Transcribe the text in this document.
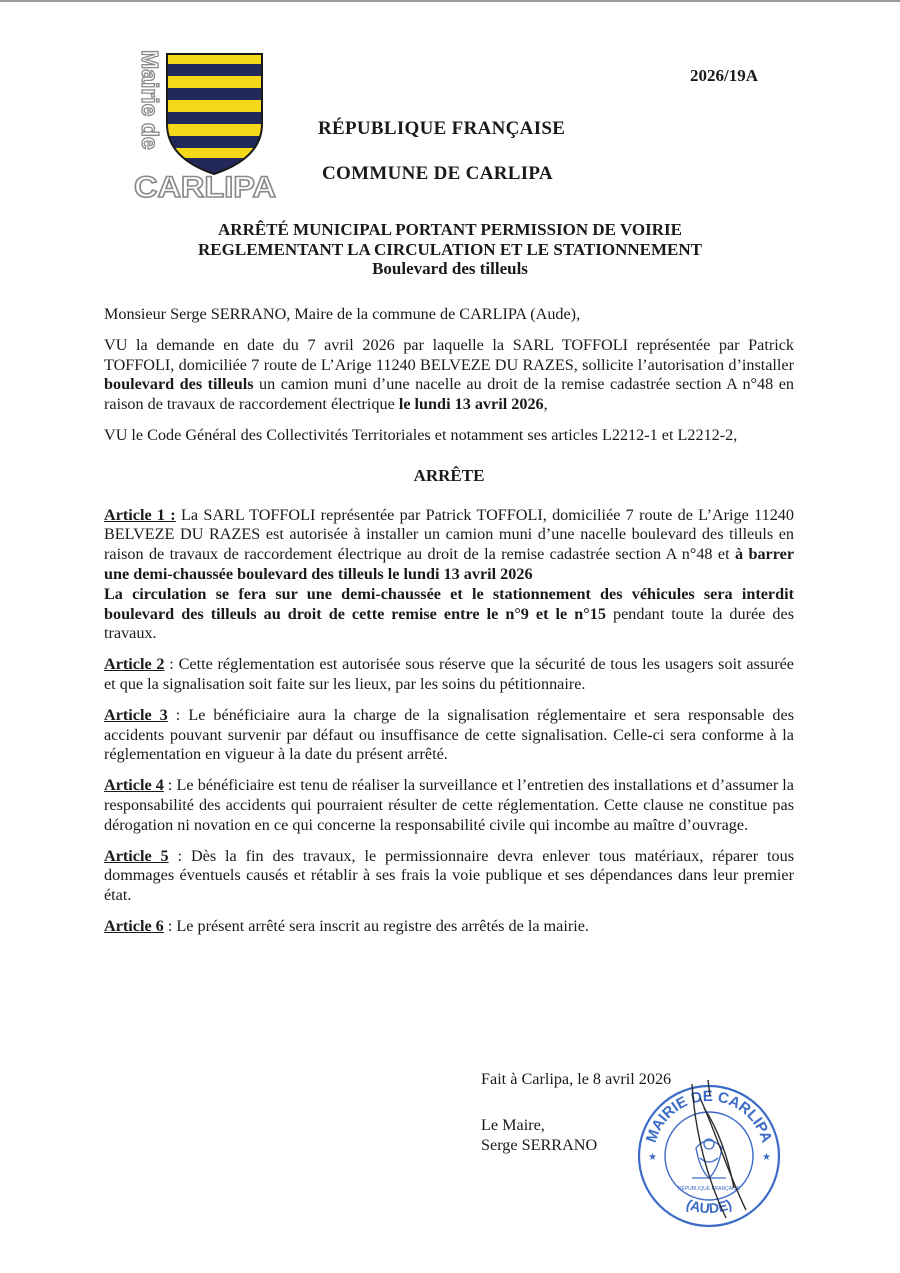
Mairie de
CARLIPA
2026/19A
RÉPUBLIQUE FRANÇAISE
COMMUNE DE CARLIPA
ARRÊTÉ MUNICIPAL PORTANT PERMISSION DE VOIRIE
REGLEMENTANT LA CIRCULATION ET LE STATIONNEMENT
Boulevard des tilleuls

Monsieur Serge SERRANO, Maire de la commune de CARLIPA (Aude),

VU la demande en date du 7 avril 2026 par laquelle la SARL TOFFOLI représentée par Patrick TOFFOLI, domiciliée 7 route de L’Arige 11240 BELVEZE DU RAZES, sollicite l’autorisation d’installer boulevard des tilleuls un camion muni d’une nacelle au droit de la remise cadastrée section A n°48 en raison de travaux de raccordement électrique le lundi 13 avril 2026,

VU le Code Général des Collectivités Territoriales et notamment ses articles L2212-1 et L2212-2,

ARRÊTE

Article 1 : La SARL TOFFOLI représentée par Patrick TOFFOLI, domiciliée 7 route de L’Arige 11240 BELVEZE DU RAZES est autorisée à installer un camion muni d’une nacelle boulevard des tilleuls en raison de travaux de raccordement électrique au droit de la remise cadastrée section A n°48 et à barrer une demi-chaussée boulevard des tilleuls le lundi 13 avril 2026
La circulation se fera sur une demi-chaussée et le stationnement des véhicules sera interdit boulevard des tilleuls au droit de cette remise entre le n°9 et le n°15 pendant toute la durée des travaux.

Article 2 : Cette réglementation est autorisée sous réserve que la sécurité de tous les usagers soit assurée et que la signalisation soit faite sur les lieux, par les soins du pétitionnaire.

Article 3 : Le bénéficiaire aura la charge de la signalisation réglementaire et sera responsable des accidents pouvant survenir par défaut ou insuffisance de cette signalisation. Celle-ci sera conforme à la réglementation en vigueur à la date du présent arrêté.

Article 4 : Le bénéficiaire est tenu de réaliser la surveillance et l’entretien des installations et d’assumer la responsabilité des accidents qui pourraient résulter de cette réglementation. Cette clause ne constitue pas dérogation ni novation en ce qui concerne la responsabilité civile qui incombe au maître d’ouvrage.

Article 5 : Dès la fin des travaux, le permissionnaire devra enlever tous matériaux, réparer tous dommages éventuels causés et rétablir à ses frais la voie publique et ses dépendances dans leur premier état.

Article 6 : Le présent arrêté sera inscrit au registre des arrêtés de la mairie.

Fait à Carlipa, le 8 avril 2026
Le Maire,
Serge SERRANO	MAIRIE DE CARLIPA
(AUDE)
RÉPUBLIQUE FRANÇAISE
★	★
